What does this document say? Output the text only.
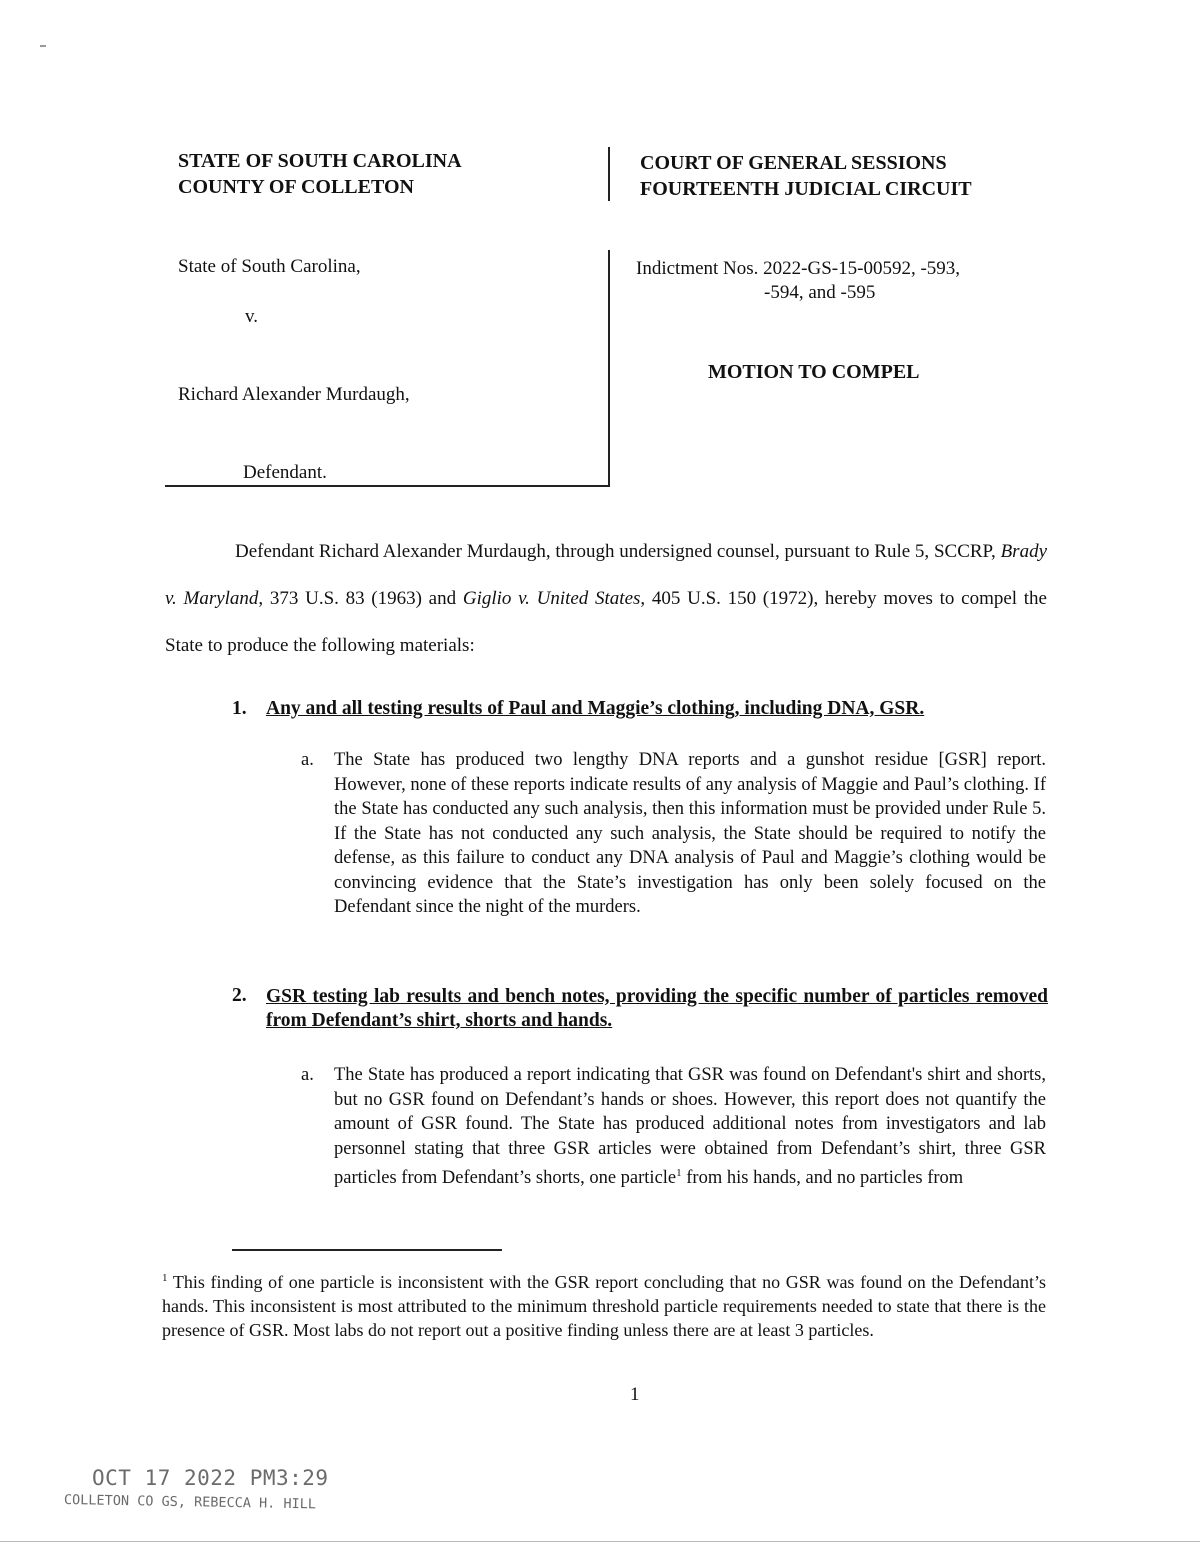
STATE OF SOUTH CAROLINA
COUNTY OF COLLETON
COURT OF GENERAL SESSIONS
FOURTEENTH JUDICIAL CIRCUIT
State of South Carolina,
v.
Richard Alexander Murdaugh,
Defendant.
Indictment Nos. 2022-GS-15-00592, -593,
-594, and -595
MOTION TO COMPEL
Defendant Richard Alexander Murdaugh, through undersigned counsel, pursuant to Rule 5, SCCRP, Brady v. Maryland, 373 U.S. 83 (1963) and Giglio v. United States, 405 U.S. 150 (1972), hereby moves to compel the State to produce the following materials:
1. Any and all testing results of Paul and Maggie’s clothing, including DNA, GSR.
a. The State has produced two lengthy DNA reports and a gunshot residue [GSR] report. However, none of these reports indicate results of any analysis of Maggie and Paul’s clothing. If the State has conducted any such analysis, then this information must be provided under Rule 5. If the State has not conducted any such analysis, the State should be required to notify the defense, as this failure to conduct any DNA analysis of Paul and Maggie’s clothing would be convincing evidence that the State’s investigation has only been solely focused on the Defendant since the night of the murders.
2. GSR testing lab results and bench notes, providing the specific number of particles removed from Defendant’s shirt, shorts and hands.
a. The State has produced a report indicating that GSR was found on Defendant's shirt and shorts, but no GSR found on Defendant’s hands or shoes. However, this report does not quantify the amount of GSR found. The State has produced additional notes from investigators and lab personnel stating that three GSR articles were obtained from Defendant’s shirt, three GSR particles from Defendant’s shorts, one particle$^1$ from his hands, and no particles from
$^1$ This finding of one particle is inconsistent with the GSR report concluding that no GSR was found on the Defendant’s hands. This inconsistent is most attributed to the minimum threshold particle requirements needed to state that there is the presence of GSR. Most labs do not report out a positive finding unless there are at least 3 particles.
1
OCT 17 2022 PM3:29
COLLETON CO GS, REBECCA H. HILL
